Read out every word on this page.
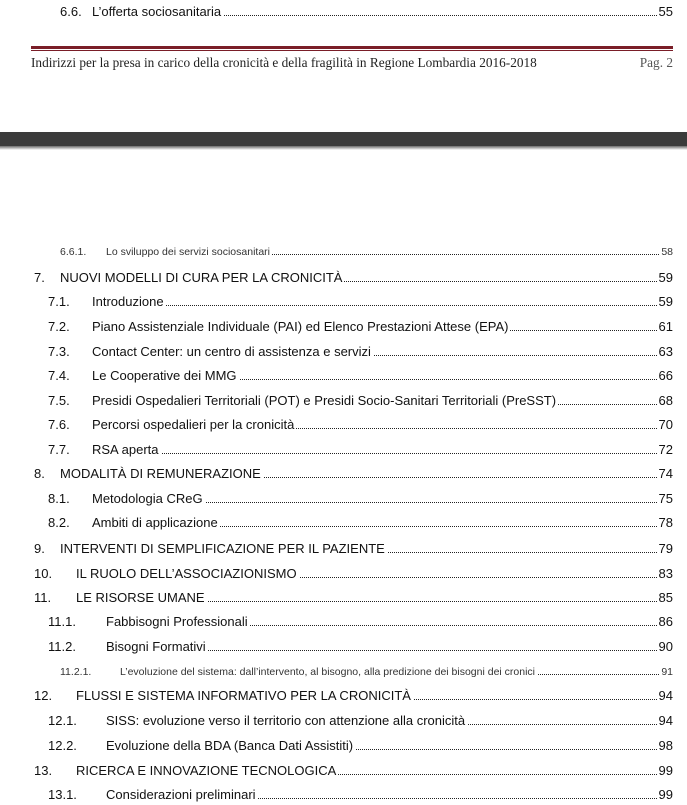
6.6. L’offerta sociosanitaria	55
Indirizzi per la presa in carico della cronicità e della fragilità in Regione Lombardia 2016-2018	Pag. 2
6.6.1. Lo sviluppo dei servizi sociosanitari	58
7. NUOVI MODELLI DI CURA PER LA CRONICITÀ	59
7.1. Introduzione	59
7.2. Piano Assistenziale Individuale (PAI) ed Elenco Prestazioni Attese (EPA)	61
7.3. Contact Center: un centro di assistenza e servizi	63
7.4. Le Cooperative dei MMG	66
7.5. Presidi Ospedalieri Territoriali (POT) e Presidi Socio-Sanitari Territoriali (PreSST)	68
7.6. Percorsi ospedalieri per la cronicità	70
7.7. RSA aperta	72
8. MODALITÀ DI REMUNERAZIONE	74
8.1. Metodologia CReG	75
8.2. Ambiti di applicazione	78
9. INTERVENTI DI SEMPLIFICAZIONE PER IL PAZIENTE	79
10. IL RUOLO DELL’ASSOCIAZIONISMO	83
11. LE RISORSE UMANE	85
11.1. Fabbisogni Professionali	86
11.2. Bisogni Formativi	90
11.2.1.	L’evoluzione del sistema: dall’intervento, al bisogno, alla predizione dei bisogni dei cronici	91
12. FLUSSI E SISTEMA INFORMATIVO PER LA CRONICITÀ	94
12.1. SISS: evoluzione verso il territorio con attenzione alla cronicità	94
12.2. Evoluzione della BDA (Banca Dati Assistiti)	98
13. RICERCA E INNOVAZIONE TECNOLOGICA	99
13.1. Considerazioni preliminari	99
